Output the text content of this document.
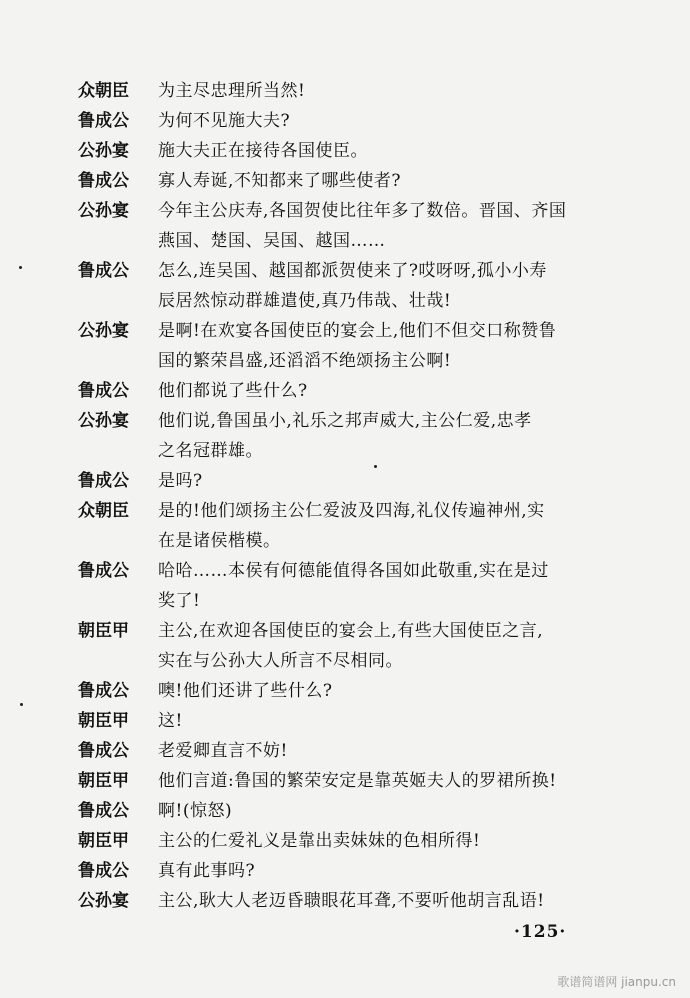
众朝臣	为主尽忠理所当然!
鲁成公	为何不见施大夫?
公孙宴	施大夫正在接待各国使臣。
鲁成公	寡人寿诞,不知都来了哪些使者?
公孙宴	今年主公庆寿,各国贺使比往年多了数倍。晋国、齐国
燕国、楚国、吴国、越国……
鲁成公	怎么,连吴国、越国都派贺使来了?哎呀呀,孤小小寿
辰居然惊动群雄遣使,真乃伟哉、壮哉!
公孙宴	是啊!在欢宴各国使臣的宴会上,他们不但交口称赞鲁
国的繁荣昌盛,还滔滔不绝颂扬主公啊!
鲁成公	他们都说了些什么?
公孙宴	他们说,鲁国虽小,礼乐之邦声威大,主公仁爱,忠孝
之名冠群雄。
鲁成公	是吗?
众朝臣	是的!他们颂扬主公仁爱波及四海,礼仪传遍神州,实
在是诸侯楷模。
鲁成公	哈哈……本侯有何德能值得各国如此敬重,实在是过
奖了!
朝臣甲	主公,在欢迎各国使臣的宴会上,有些大国使臣之言,
实在与公孙大人所言不尽相同。
鲁成公	噢!他们还讲了些什么?
朝臣甲	这!
鲁成公	老爱卿直言不妨!
朝臣甲	他们言道:鲁国的繁荣安定是靠英姬夫人的罗裙所换!
鲁成公	啊!(惊怒)
朝臣甲	主公的仁爱礼义是靠出卖妹妹的色相所得!
鲁成公	真有此事吗?
公孙宴	主公,耿大人老迈昏聩眼花耳聋,不要听他胡言乱语!
·125·
歌谱简谱网 jianpu.cn
